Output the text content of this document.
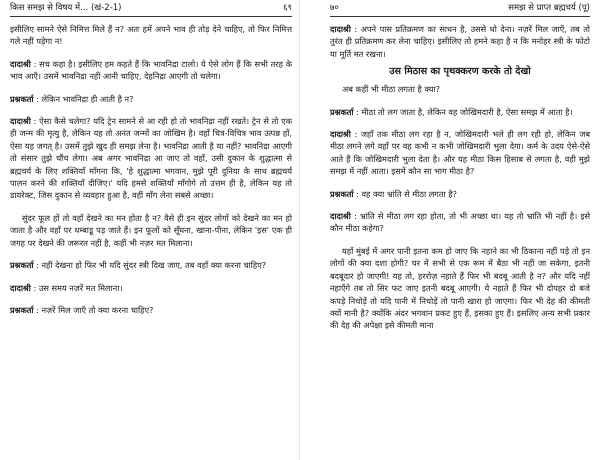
किस समझ से विषय में... (खं-2-1)	६९

इसीलिए सामने ऐसे निमित्त मिले हैं न? अतः हमें अपने भाव ही तोड़ देने चाहिए, तो फिर निमित्त गले नहीं पड़ेगा न!

दादाश्री : सच कहा है। इसीलिए हम कहते हैं कि भावनिद्रा टालो। ये ऐसे लोग हैं कि सभी तरह के भाव आएँ। उसमें भावनिद्रा नहीं आनी चाहिए, देहनिद्रा आएगी तो चलेगा।

प्रश्नकर्ता : लेकिन भावनिद्रा ही आती है न?

दादाश्री : ऐसा कैसे चलेगा? यदि ट्रेन सामने से आ रही हो तो भावनिद्रा नहीं रखते। ट्रेन से तो एक ही जन्म की मृत्यु है, लेकिन यह तो अनंत जन्मों का जोखिम है। वहाँ चित्र-विचित्र भाव उत्पन्न हों, ऐसा यह जगत् है। उसमें तुझे खुद ही समझ लेना है। भावनिद्रा आती है या नहीं? भावनिद्रा आएगी तो संसार तुझे चौंच लेगा। अब अगर भावनिद्रा आ जाए तो वहाँ, उसी दुकान के शुद्धात्मा से ब्रह्मचर्य के लिए शक्तियाँ माँगना कि, 'हे शुद्धात्मा भगवान, मुझे पूरी दुनिया के साथ ब्रह्मचर्य पालन करने की शक्तियाँ दीजिए।' यदि हमसे शक्तियाँ माँगोगे तो उत्तम ही है, लेकिन यह तो डायरेक्ट, जिस दुकान से व्यवहार हुआ है, वहीं माँग लेना सबसे अच्छा।

सुंदर फूल हों तो वहाँ देखने का मन होता है न? वैसे ही इन सुंदर लोगों को देखने का मन हो जाता है और वहाँ पर धम्बाडू पड़ जाते हैं। इन फूलों को सूँघना, खाना-पीना, लेकिन 'इस' एक ही जगह पर देखने की जरूरत नहीं है, कहीं भी नज़र मत मिलाना।

प्रश्नकर्ता : नहीं देखना हो फिर भी यदि सुंदर स्त्री दिख जाए, तब वहाँ क्या करना चाहिए?

दादाश्री : उस समय नज़रें मत मिलाना।

प्रश्नकर्ता : नज़रें मिल जाएँ तो क्या करना चाहिए?

७०	समझ से प्राप्त ब्रह्मचर्य (पू)

दादाश्री : अपने पास प्रतिक्रमण का साधन है, उससे धो देना। नज़रें मिल जाएँ, तब तो तुरंत ही प्रतिक्रमण कर लेना चाहिए। इसीलिए तो हमने कहा है न कि मनोहर स्त्री के फोटो या मूर्ति मत रखना।

उस मिठास का पृथक्करण करके तो देखो

अब कहीं भी मीठा लगता है क्या?

प्रश्नकर्ता : मीठा तो लग जाता है, लेकिन वह जोखिमदारी है, ऐसा समझ में आता है।

दादाश्री : जहाँ तक मीठा लग रहा है न, जोखिमदारी भले ही लग रही हो, लेकिन जब मीठा लगने लगे वहाँ पर वह कभी न कभी जोखिमदारी भुला देगा। कर्म के उदय ऐसे-ऐसे आते हैं कि जोखिमदारी भुला देता है। और यह मीठा किस हिसाब से लगता है, वही मुझे समझ में नहीं आता। इसमें कौन सा भाग मीठा है?

प्रश्नकर्ता : वह क्या भ्रांति से मीठा लगता है?

दादाश्री : भ्रांति से मीठा लग रहा होता, तो भी अच्छा था। यह तो भ्रांति भी नहीं है। इसे कौन मीठा कहेगा?

यहाँ मुंबई में अगर पानी इतना कम हो जाए कि नहाने का भी ठिकाना नहीं पड़े तो इन लोगों की क्या दशा होगी? घर में सभी से एक रूम में बैठा भी नहीं जा सकेगा, इतनी बदबूदार हो जाएगी! यह तो, हररोज़ नहाते हैं फिर भी बदबू आती है न? और यदि नहीं नहाएँगे तब तो सिर फट जाए इतनी बदबू आएगी। ये नहाते हैं फिर भी दोपहर दो बजे कपड़े निचोड़ें तो यदि पानी में निचोड़ें तो पानी खारा हो जाएगा। फिर भी देह की कीमती क्यों मानी है? क्योंकि अंदर भगवान प्रकट हुए हैं, इसका हुए हैं। इसलिए अन्य सभी प्रकार की देह की अपेक्षा इसे कीमती माना
